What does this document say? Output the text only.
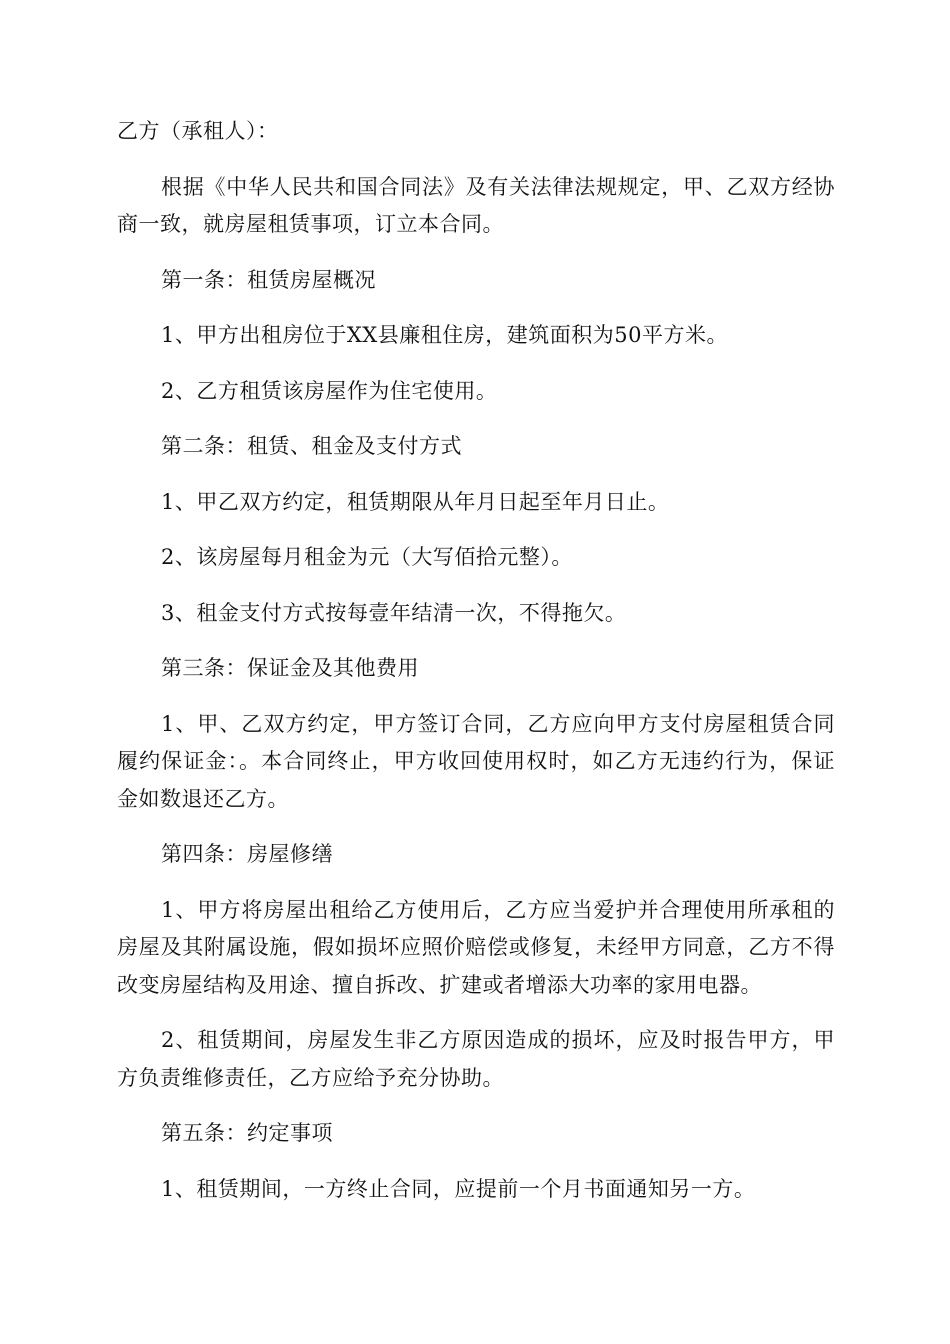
乙方（承租人）：

根据《中华人民共和国合同法》及有关法律法规规定，甲、乙双方经协商一致，就房屋租赁事项，订立本合同。

第一条：租赁房屋概况

1、甲方出租房位于XX县廉租住房，建筑面积为50平方米。

2、乙方租赁该房屋作为住宅使用。

第二条：租赁、租金及支付方式

1、甲乙双方约定，租赁期限从年月日起至年月日止。

2、该房屋每月租金为元（大写佰拾元整）。

3、租金支付方式按每壹年结清一次，不得拖欠。

第三条：保证金及其他费用

1、甲、乙双方约定，甲方签订合同，乙方应向甲方支付房屋租赁合同履约保证金：。本合同终止，甲方收回使用权时，如乙方无违约行为，保证金如数退还乙方。

第四条：房屋修缮

1、甲方将房屋出租给乙方使用后，乙方应当爱护并合理使用所承租的房屋及其附属设施，假如损坏应照价赔偿或修复，未经甲方同意，乙方不得改变房屋结构及用途、擅自拆改、扩建或者增添大功率的家用电器。

2、租赁期间，房屋发生非乙方原因造成的损坏，应及时报告甲方，甲方负责维修责任，乙方应给予充分协助。

第五条：约定事项

1、租赁期间，一方终止合同，应提前一个月书面通知另一方。
